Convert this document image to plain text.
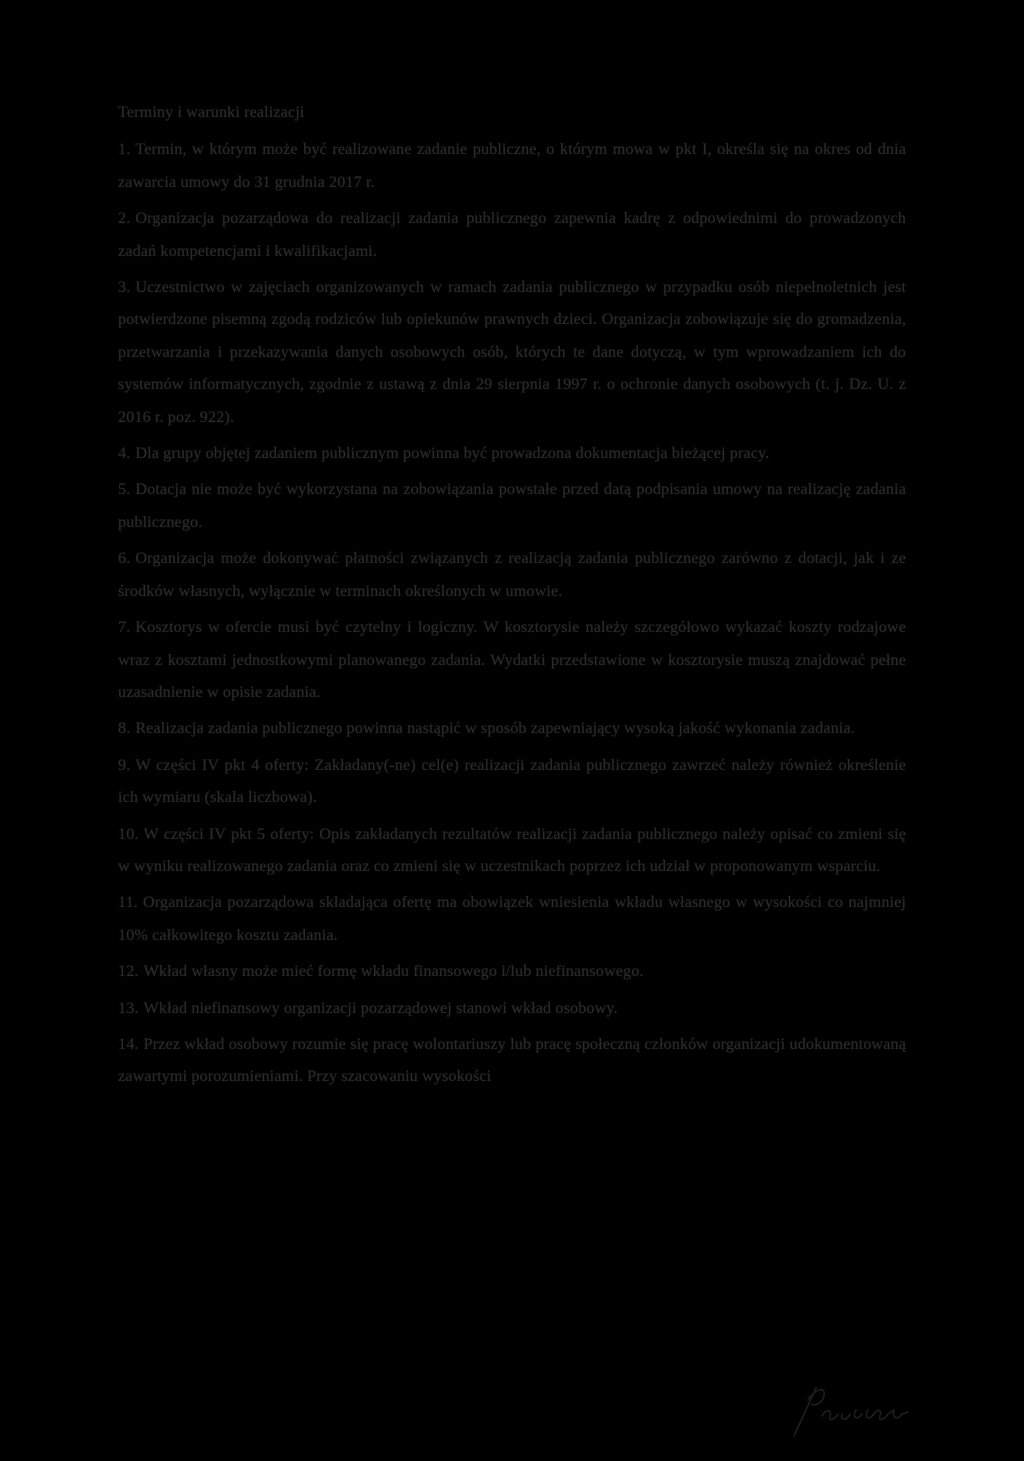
Terminy i warunki realizacji
1. Termin, w którym może być realizowane zadanie publiczne, o którym mowa w pkt I, określa się na okres od dnia zawarcia umowy do 31 grudnia 2017 r.
2. Organizacja pozarządowa do realizacji zadania publicznego zapewnia kadrę z odpowiednimi do prowadzonych zadań kompetencjami i kwalifikacjami.
3. Uczestnictwo w zajęciach organizowanych w ramach zadania publicznego w przypadku osób niepełnoletnich jest potwierdzone pisemną zgodą rodziców lub opiekunów prawnych dzieci. Organizacja zobowiązuje się do gromadzenia, przetwarzania i przekazywania danych osobowych osób, których te dane dotyczą, w tym wprowadzaniem ich do systemów informatycznych, zgodnie z ustawą z dnia 29 sierpnia 1997 r. o ochronie danych osobowych (t. j. Dz. U. z 2016 r. poz. 922).
4. Dla grupy objętej zadaniem publicznym powinna być prowadzona dokumentacja bieżącej pracy.
5. Dotacja nie może być wykorzystana na zobowiązania powstałe przed datą podpisania umowy na realizację zadania publicznego.
6. Organizacja może dokonywać płatności związanych z realizacją zadania publicznego zarówno z dotacji, jak i ze środków własnych, wyłącznie w terminach określonych w umowie.
7. Kosztorys w ofercie musi być czytelny i logiczny. W kosztorysie należy szczegółowo wykazać koszty rodzajowe wraz z kosztami jednostkowymi planowanego zadania. Wydatki przedstawione w kosztorysie muszą znajdować pełne uzasadnienie w opisie zadania.
8. Realizacja zadania publicznego powinna nastąpić w sposób zapewniający wysoką jakość wykonania zadania.
9. W części IV pkt 4 oferty: Zakładany(-ne) cel(e) realizacji zadania publicznego zawrzeć należy również określenie ich wymiaru (skala liczbowa).
10. W części IV pkt 5 oferty: Opis zakładanych rezultatów realizacji zadania publicznego należy opisać co zmieni się w wyniku realizowanego zadania oraz co zmieni się w uczestnikach poprzez ich udział w proponowanym wsparciu.
11. Organizacja pozarządowa składająca ofertę ma obowiązek wniesienia wkładu własnego w wysokości co najmniej 10% całkowitego kosztu zadania.
12. Wkład własny może mieć formę wkładu finansowego i/lub niefinansowego.
13. Wkład niefinansowy organizacji pozarządowej stanowi wkład osobowy.
14. Przez wkład osobowy rozumie się pracę wolontariuszy lub pracę społeczną członków organizacji udokumentowaną zawartymi porozumieniami. Przy szacowaniu wysokości
